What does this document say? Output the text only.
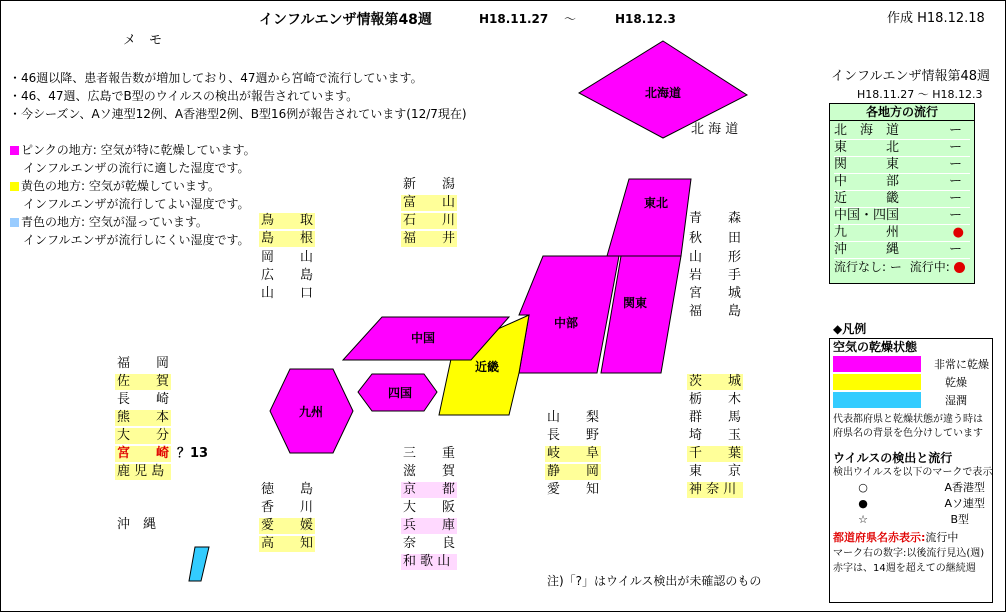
インフルエンザ情報第48週	H18.11.27 〜	H18.12.3	作成 H18.12.18
メ　モ
・46週以降、患者報告数が増加しており、47週から宮崎で流行しています。
・46、47週、広島でB型のウイルスの検出が報告されています。
・今シーズン、Aソ連型12例、A香港型2例、B型16例が報告されています(12/7現在)
ピンクの地方: 空気が特に乾燥しています。
インフルエンザの流行に適した湿度です。
黄色の地方: 空気が乾燥しています。
インフルエンザが流行してよい湿度です。
青色の地方: 空気が湿っています。
インフルエンザが流行しにくい湿度です。
北海道
東北
関東
中部
近畿
中国
四国
九州
北 海 道
青 森
秋 田
山 形
岩 手
宮 城
福 島
茨 城
栃 木
群 馬
埼 玉
千 葉
東 京
神 奈 川
新 潟
富 山
石 川
福 井
山 梨
長 野
岐 阜
静 岡
愛 知
三 重
滋 賀
京 都
大 阪
兵 庫
奈 良
和 歌 山
鳥 取
島 根
岡 山
広 島
山 口
徳 島
香 川
愛 媛
高 知
福 岡
佐 賀
長 崎
熊 本
大 分
宮 崎 ？13
鹿 児 島
沖　縄
注)「?」はウイルス検出が未確認のもの
インフルエンザ情報第48週
H18.11.27 〜 H18.12.3
各地方の流行
北　海　道	ー
東　　　北	ー
関　　　東	ー
中　　　部	ー
近　　　畿	ー
中国・四国	ー
九　　　州	●
沖　　　縄	ー
流行なし: ー 流行中:
◆凡例
空気の乾燥状態
非常に乾燥
乾燥
湿潤
代表都府県と乾燥状態が違う時は
府県名の背景を色分けしています
ウイルスの検出と流行
検出ウイルスを以下のマークで表示
○	A香港型
●	Aソ連型
☆	B型
都道府県名赤表示:流行中
マーク右の数字:以後流行見込(週)
赤字は、14週を超えての継続週
